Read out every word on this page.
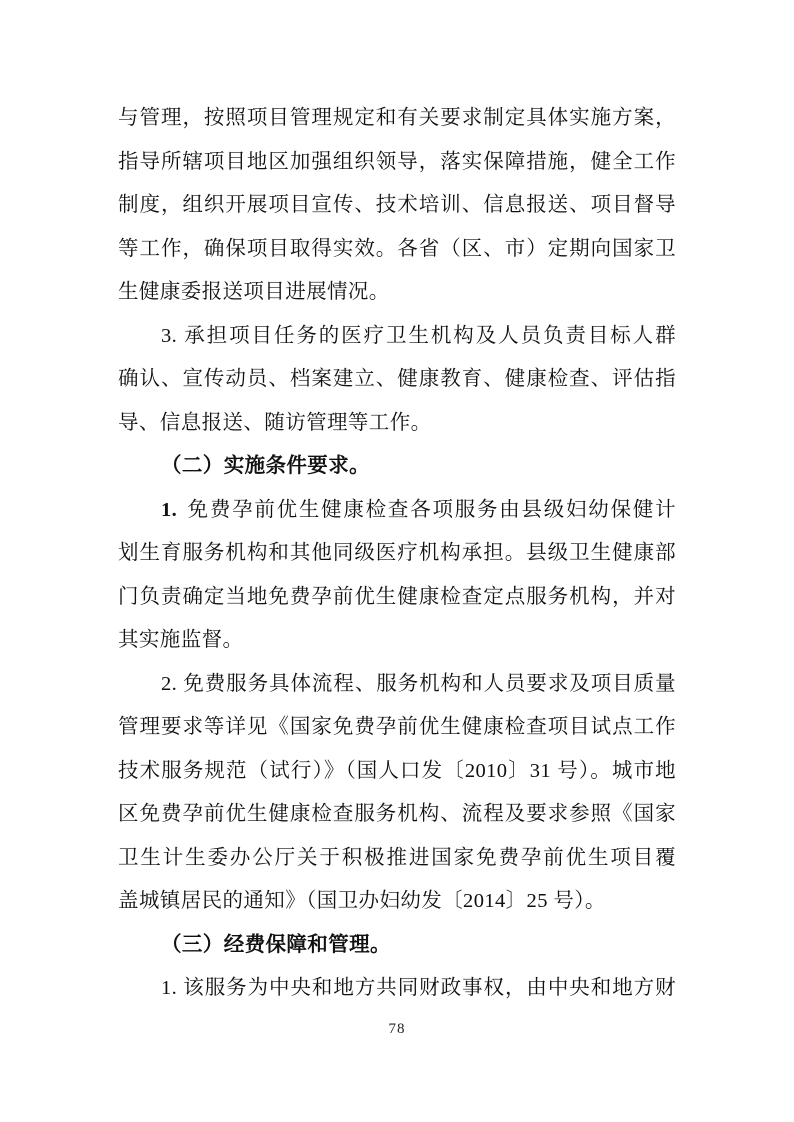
与管理，按照项目管理规定和有关要求制定具体实施方案，
指导所辖项目地区加强组织领导，落实保障措施，健全工作
制度，组织开展项目宣传、技术培训、信息报送、项目督导
等工作，确保项目取得实效。各省（区、市）定期向国家卫
生健康委报送项目进展情况。
3. 承担项目任务的医疗卫生机构及人员负责目标人群
确认、宣传动员、档案建立、健康教育、健康检查、评估指
导、信息报送、随访管理等工作。
（二）实施条件要求。
1. 免费孕前优生健康检查各项服务由县级妇幼保健计
划生育服务机构和其他同级医疗机构承担。县级卫生健康部
门负责确定当地免费孕前优生健康检查定点服务机构，并对
其实施监督。
2. 免费服务具体流程、服务机构和人员要求及项目质量
管理要求等详见《国家免费孕前优生健康检查项目试点工作
技术服务规范（试行）》（国人口发〔2010〕31 号）。城市地
区免费孕前优生健康检查服务机构、流程及要求参照《国家
卫生计生委办公厅关于积极推进国家免费孕前优生项目覆
盖城镇居民的通知》（国卫办妇幼发〔2014〕25 号）。
（三）经费保障和管理。
1. 该服务为中央和地方共同财政事权，由中央和地方财
78
